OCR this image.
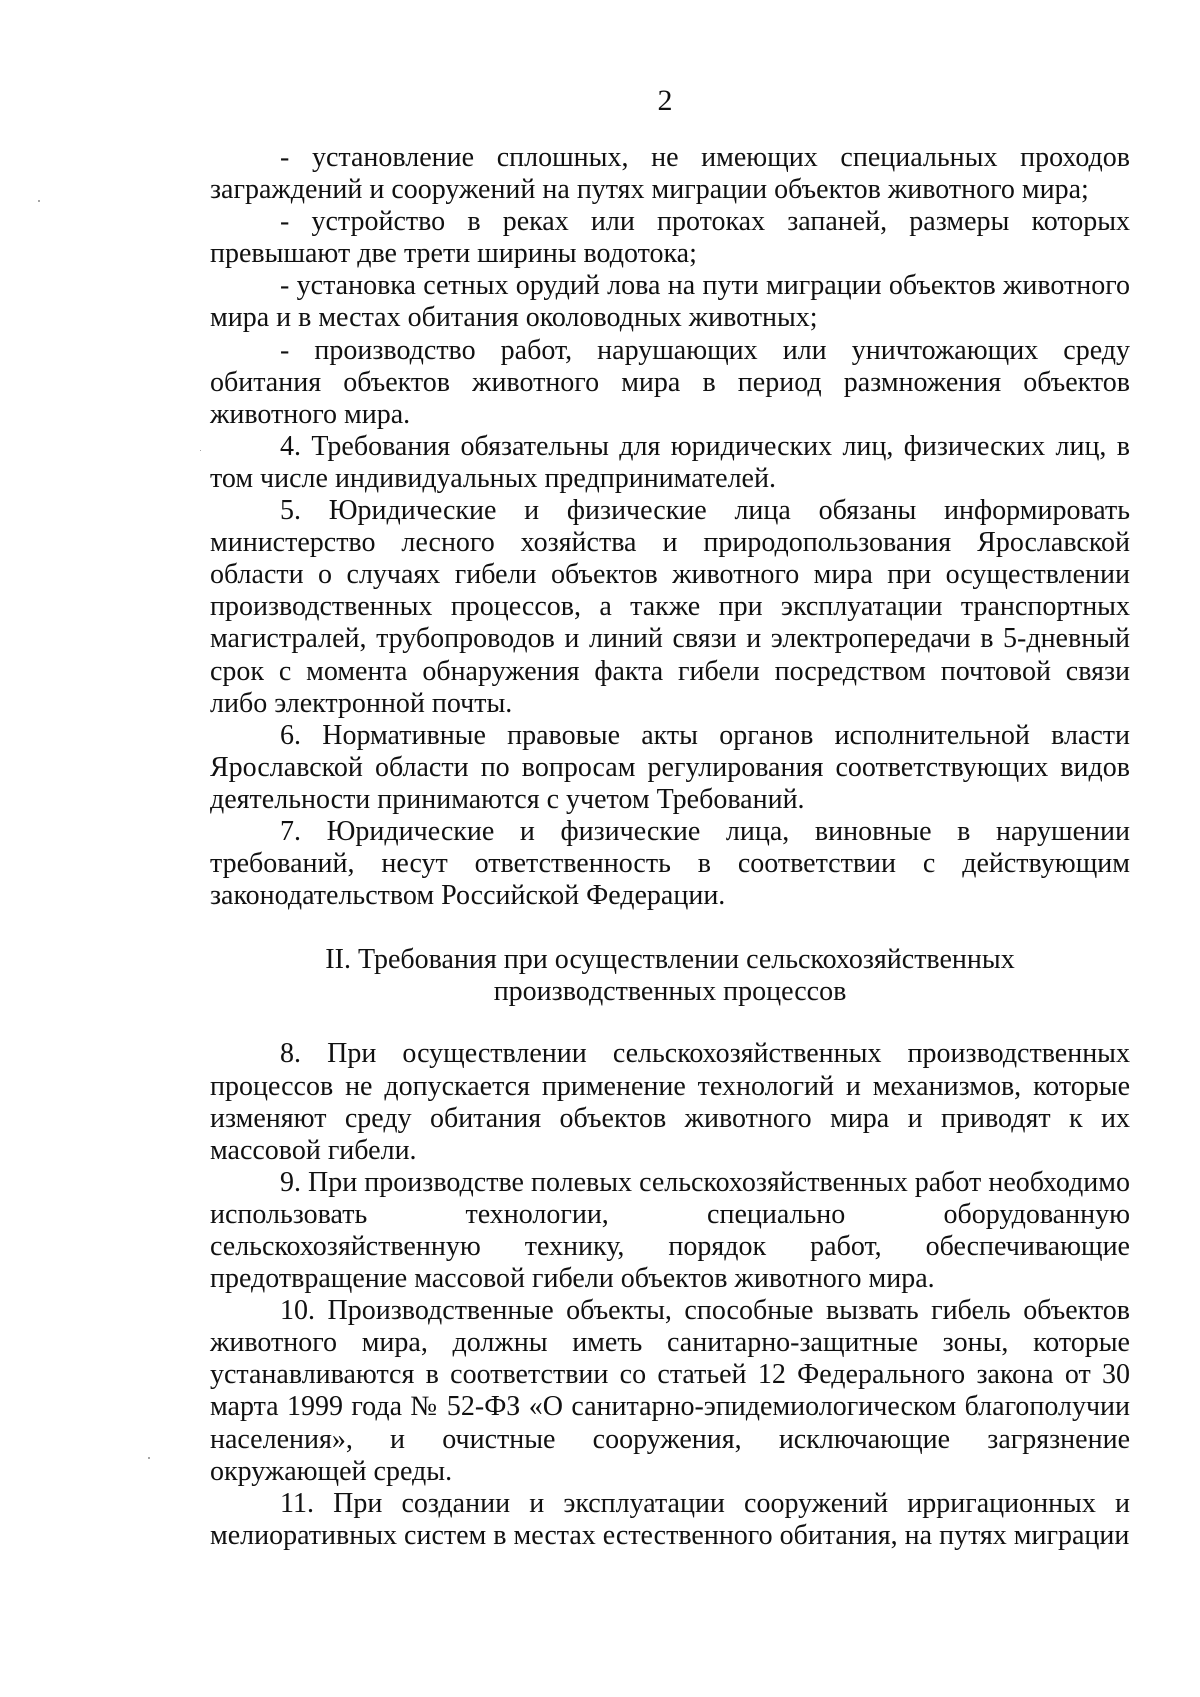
2

- установление сплошных, не имеющих специальных проходов заграждений и сооружений на путях миграции объектов животного мира;

- устройство в реках или протоках запаней, размеры которых превышают две трети ширины водотока;

- установка сетных орудий лова на пути миграции объектов животного мира и в местах обитания околоводных животных;

- производство работ, нарушающих или уничтожающих среду обитания объектов животного мира в период размножения объектов животного мира.

4. Требования обязательны для юридических лиц, физических лиц, в том числе индивидуальных предпринимателей.

5. Юридические и физические лица обязаны информировать министерство лесного хозяйства и природопользования Ярославской области о случаях гибели объектов животного мира при осуществлении производственных процессов, а также при эксплуатации транспортных магистралей, трубопроводов и линий связи и электропередачи в 5-дневный срок с момента обнаружения факта гибели посредством почтовой связи либо электронной почты.

6. Нормативные правовые акты органов исполнительной власти Ярославской области по вопросам регулирования соответствующих видов деятельности принимаются с учетом Требований.

7. Юридические и физические лица, виновные в нарушении требований, несут ответственность в соответствии с действующим законодательством Российской Федерации.

II. Требования при осуществлении сельскохозяйственных
производственных процессов

8. При осуществлении сельскохозяйственных производственных процессов не допускается применение технологий и механизмов, которые изменяют среду обитания объектов животного мира и приводят к их массовой гибели.

9. При производстве полевых сельскохозяйственных работ необходимо использовать технологии, специально оборудованную сельскохозяйственную технику, порядок работ, обеспечивающие предотвращение массовой гибели объектов животного мира.

10. Производственные объекты, способные вызвать гибель объектов животного мира, должны иметь санитарно-защитные зоны, которые устанавливаются в соответствии со статьей 12 Федерального закона от 30 марта 1999 года № 52-ФЗ «О санитарно-эпидемиологическом благополучии населения», и очистные сооружения, исключающие загрязнение окружающей среды.

11. При создании и эксплуатации сооружений ирригационных и мелиоративных систем в местах естественного обитания, на путях миграции
